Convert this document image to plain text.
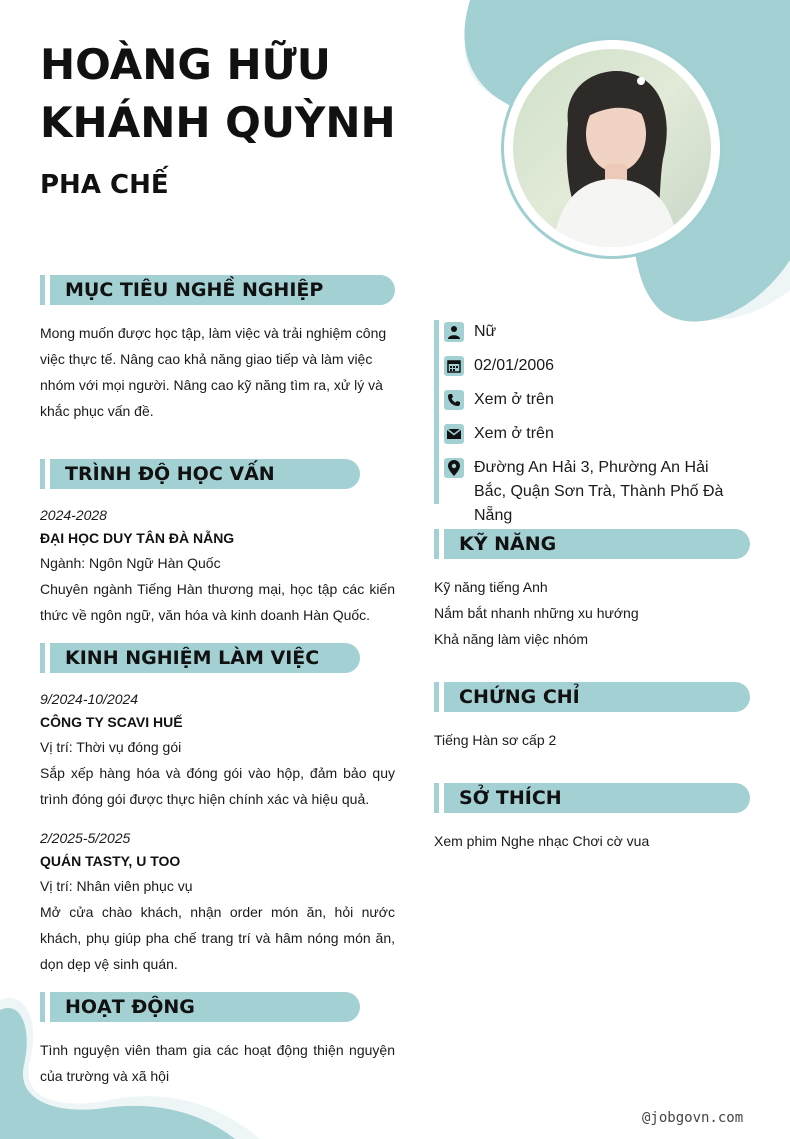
HOÀNG HỮU
KHÁNH QUỲNH
PHA CHẾ
MỤC TIÊU NGHỀ NGHIỆP
Mong muốn được học tập, làm việc và trải nghiệm công việc thực tế. Nâng cao khả năng giao tiếp và làm việc nhóm với mọi người. Nâng cao kỹ năng tìm ra, xử lý và khắc phục vấn đề.
TRÌNH ĐỘ HỌC VẤN
2024-2028
ĐẠI HỌC DUY TÂN ĐÀ NẴNG
Ngành: Ngôn Ngữ Hàn Quốc
Chuyên ngành Tiếng Hàn thương mại, học tập các kiến thức về ngôn ngữ, văn hóa và kinh doanh Hàn Quốc.
KINH NGHIỆM LÀM VIỆC
9/2024-10/2024
CÔNG TY SCAVI HUẾ
Vị trí: Thời vụ đóng gói
Sắp xếp hàng hóa và đóng gói vào hộp, đảm bảo quy trình đóng gói được thực hiện chính xác và hiệu quả.
2/2025-5/2025
QUÁN TASTY, U TOO
Vị trí: Nhân viên phục vụ
Mở cửa chào khách, nhận order món ăn, hỏi nước khách, phụ giúp pha chế trang trí và hâm nóng món ăn, dọn dẹp vệ sinh quán.
HOẠT ĐỘNG
Tình nguyện viên tham gia các hoạt động thiện nguyện của trường và xã hội
Nữ
02/01/2006
Xem ở trên
Xem ở trên
Đường An Hải 3, Phường An Hải Bắc, Quận Sơn Trà, Thành Phố Đà Nẵng
KỸ NĂNG
Kỹ năng tiếng Anh
Nắm bắt nhanh những xu hướng
Khả năng làm việc nhóm
CHỨNG CHỈ
Tiếng Hàn sơ cấp 2
SỞ THÍCH
Xem phim Nghe nhạc Chơi cờ vua
@jobgovn.com
